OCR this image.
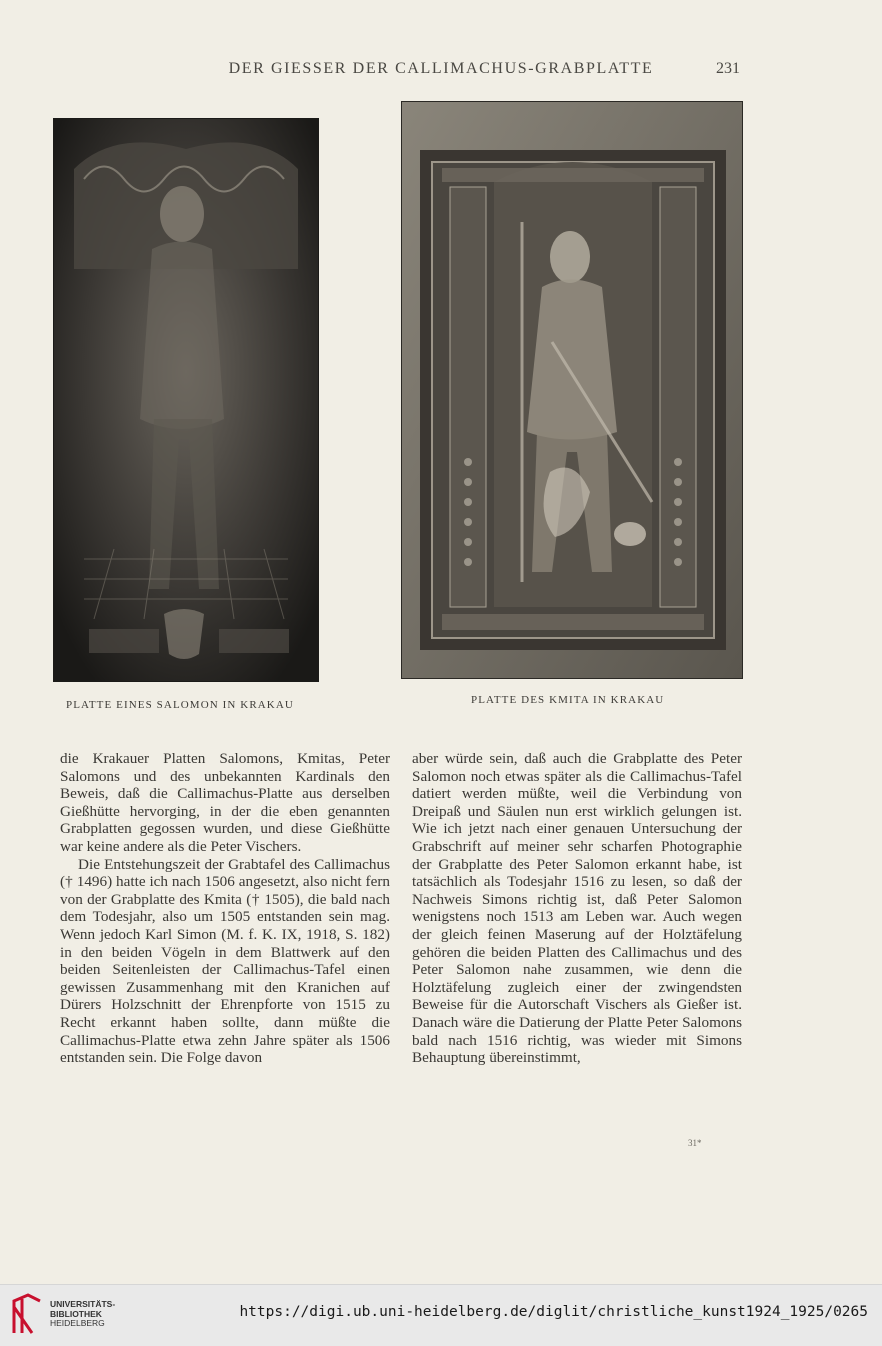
DER GIESSER DER CALLIMACHUS-GRABPLATTE	231
PLATTE EINES SALOMON IN KRAKAU	PLATTE DES KMITA IN KRAKAU

die Krakauer Platten Salomons, Kmitas, Peter Salomons und des unbekannten Kardinals den Beweis, daß die Callimachus-Platte aus derselben Gießhütte hervorging, in der die eben genannten Grabplatten gegossen wurden, und diese Gießhütte war keine andere als die Peter Vischers.

Die Entstehungszeit der Grabtafel des Callimachus († 1496) hatte ich nach 1506 angesetzt, also nicht fern von der Grabplatte des Kmita († 1505), die bald nach dem Todesjahr, also um 1505 entstanden sein mag. Wenn jedoch Karl Simon (M. f. K. IX, 1918, S. 182) in den beiden Vögeln in dem Blattwerk auf den beiden Seitenleisten der Callimachus-Tafel einen gewissen Zusammenhang mit den Kranichen auf Dürers Holzschnitt der Ehrenpforte von 1515 zu Recht erkannt haben sollte, dann müßte die Callimachus-Platte etwa zehn Jahre später als 1506 entstanden sein. Die Folge davon

aber würde sein, daß auch die Grabplatte des Peter Salomon noch etwas später als die Callimachus-Tafel datiert werden müßte, weil die Verbindung von Dreipaß und Säulen nun erst wirklich gelungen ist. Wie ich jetzt nach einer genauen Untersuchung der Grabschrift auf meiner sehr scharfen Photographie der Grabplatte des Peter Salomon erkannt habe, ist tatsächlich als Todesjahr 1516 zu lesen, so daß der Nachweis Simons richtig ist, daß Peter Salomon wenigstens noch 1513 am Leben war. Auch wegen der gleich feinen Maserung auf der Holztäfelung gehören die beiden Platten des Callimachus und des Peter Salomon nahe zusammen, wie denn die Holztäfelung zugleich einer der zwingendsten Beweise für die Autorschaft Vischers als Gießer ist. Danach wäre die Datierung der Platte Peter Salomons bald nach 1516 richtig, was wieder mit Simons Behauptung übereinstimmt,

31*
UNIVERSITÄTS-
BIBLIOTHEK
HEIDELBERG
https://digi.ub.uni-heidelberg.de/diglit/christliche_kunst1924_1925/0265
